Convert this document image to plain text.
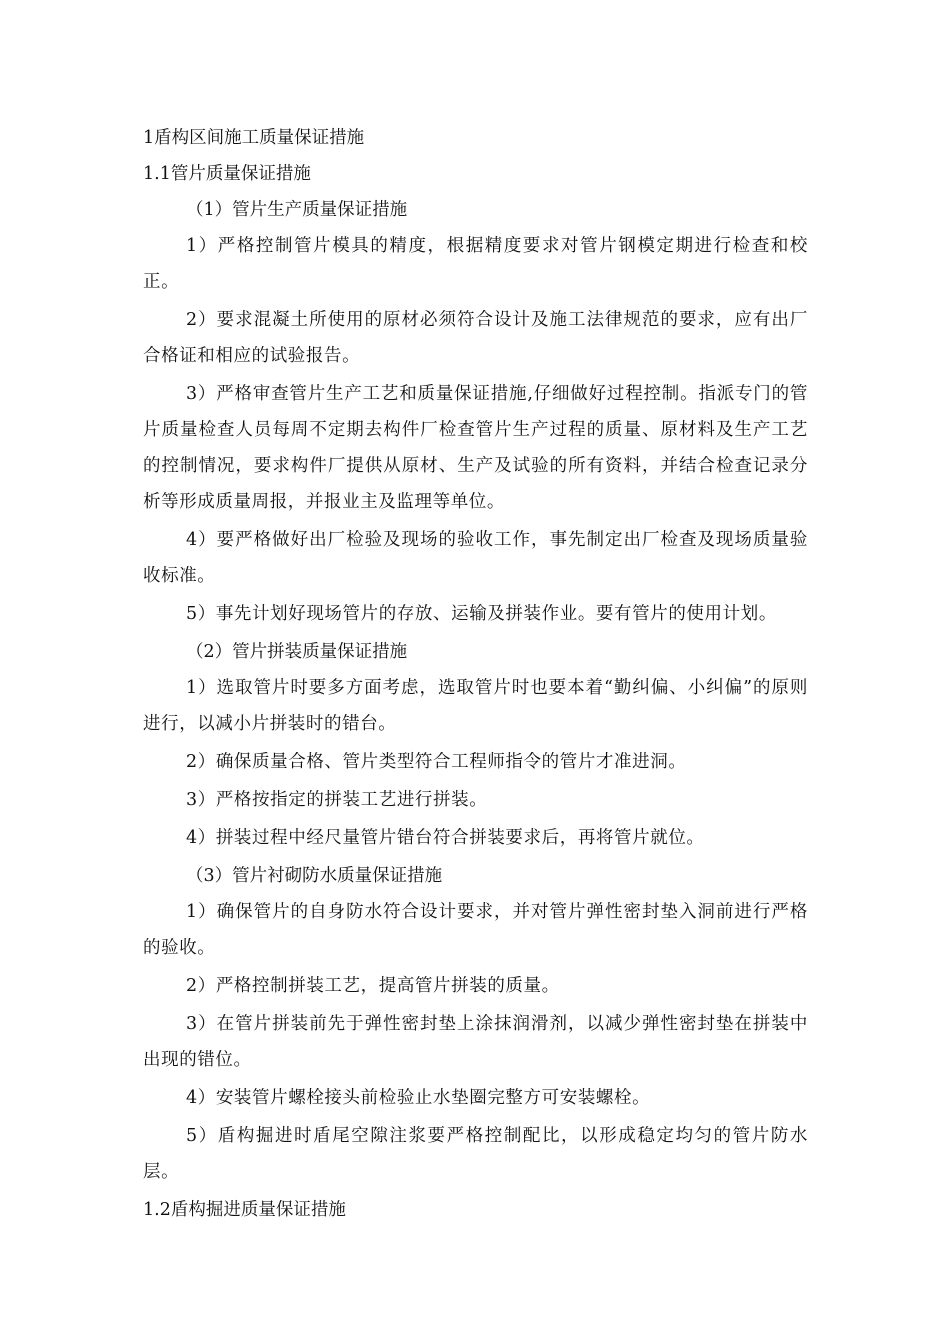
1盾构区间施工质量保证措施

1.1管片质量保证措施

（1）管片生产质量保证措施

1）严格控制管片模具的精度，根据精度要求对管片钢模定期进行检查和校正。

2）要求混凝土所使用的原材必须符合设计及施工法律规范的要求，应有出厂合格证和相应的试验报告。

3）严格审查管片生产工艺和质量保证措施,仔细做好过程控制。指派专门的管片质量检查人员每周不定期去构件厂检查管片生产过程的质量、原材料及生产工艺的控制情况，要求构件厂提供从原材、生产及试验的所有资料，并结合检查记录分析等形成质量周报，并报业主及监理等单位。

4）要严格做好出厂检验及现场的验收工作，事先制定出厂检查及现场质量验收标准。

5）事先计划好现场管片的存放、运输及拼装作业。要有管片的使用计划。

（2）管片拼装质量保证措施

1）选取管片时要多方面考虑，选取管片时也要本着“勤纠偏、小纠偏”的原则进行，以减小片拼装时的错台。

2）确保质量合格、管片类型符合工程师指令的管片才准进洞。

3）严格按指定的拼装工艺进行拼装。

4）拼装过程中经尺量管片错台符合拼装要求后，再将管片就位。

（3）管片衬砌防水质量保证措施

1）确保管片的自身防水符合设计要求，并对管片弹性密封垫入洞前进行严格的验收。

2）严格控制拼装工艺，提高管片拼装的质量。

3）在管片拼装前先于弹性密封垫上涂抹润滑剂，以减少弹性密封垫在拼装中出现的错位。

4）安装管片螺栓接头前检验止水垫圈完整方可安装螺栓。

5）盾构掘进时盾尾空隙注浆要严格控制配比，以形成稳定均匀的管片防水层。

1.2盾构掘进质量保证措施
